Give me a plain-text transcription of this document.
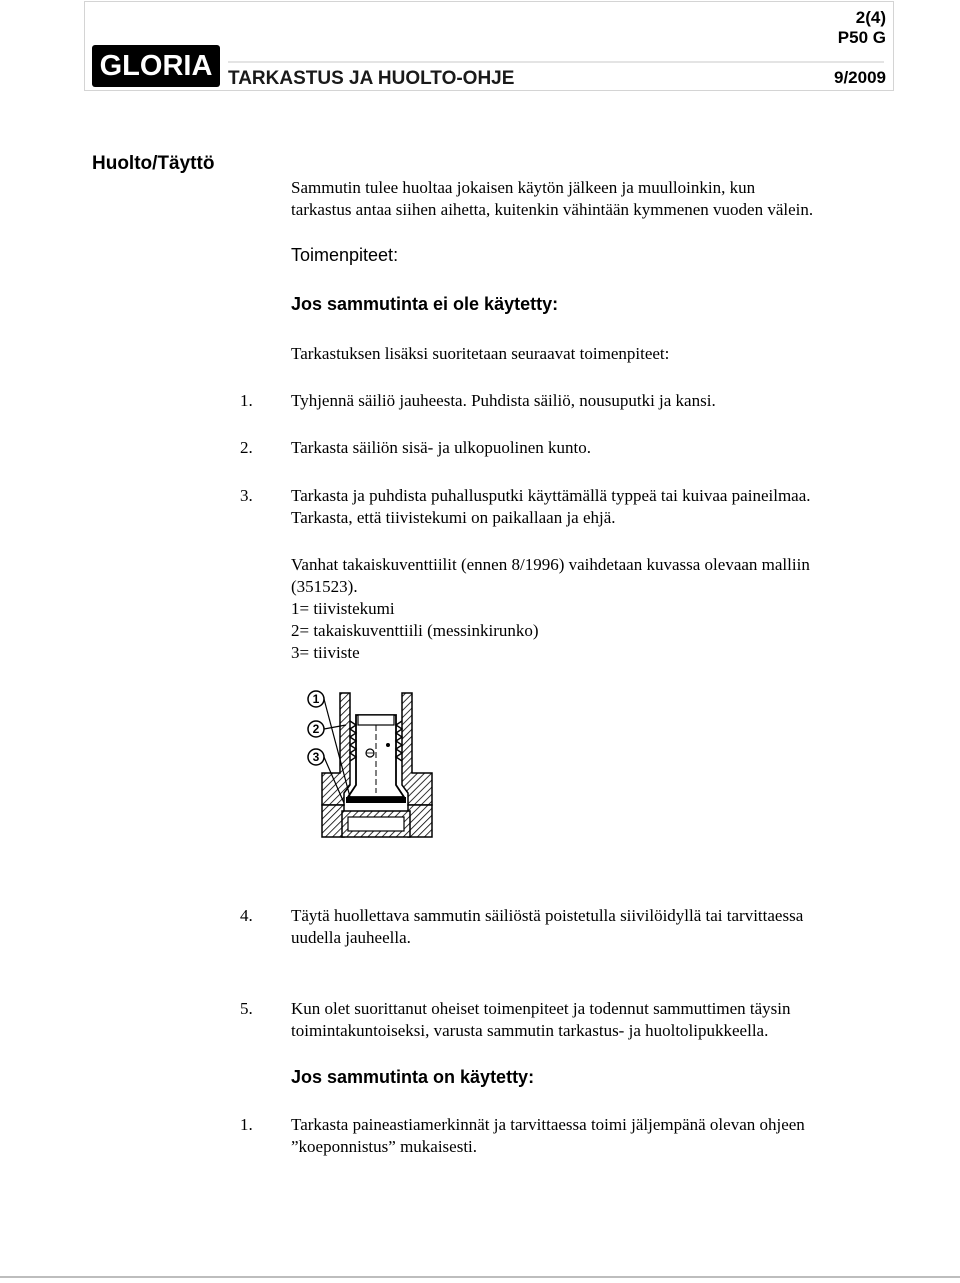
GLORIA
2(4)
P50 G
TARKASTUS JA HUOLTO-OHJE	9/2009
Huolto/Täyttö
Sammutin tulee huoltaa jokaisen käytön jälkeen ja muulloinkin, kun
tarkastus antaa siihen aihetta, kuitenkin vähintään kymmenen vuoden välein.
Toimenpiteet:
Jos sammutinta ei ole käytetty:
Tarkastuksen lisäksi suoritetaan seuraavat toimenpiteet:
1. Tyhjennä säiliö jauheesta. Puhdista säiliö, nousuputki ja kansi.
2. Tarkasta säiliön sisä- ja ulkopuolinen kunto.
3. Tarkasta ja puhdista puhallusputki käyttämällä typpeä tai kuivaa paineilmaa.
Tarkasta, että tiivistekumi on paikallaan ja ehjä.
Vanhat takaiskuventtiilit (ennen 8/1996) vaihdetaan kuvassa olevaan malliin
(351523).
1= tiivistekumi
2= takaiskuventtiili (messinkirunko)
3= tiiviste
1
2
3
4. Täytä huollettava sammutin säiliöstä poistetulla siivilöidyllä tai tarvittaessa
uudella jauheella.
5. Kun olet suorittanut oheiset toimenpiteet ja todennut sammuttimen täysin
toimintakuntoiseksi, varusta sammutin tarkastus- ja huoltolipukkeella.
Jos sammutinta on käytetty:
1. Tarkasta paineastiamerkinnät ja tarvittaessa toimi jäljempänä olevan ohjeen
”koeponnistus” mukaisesti.
